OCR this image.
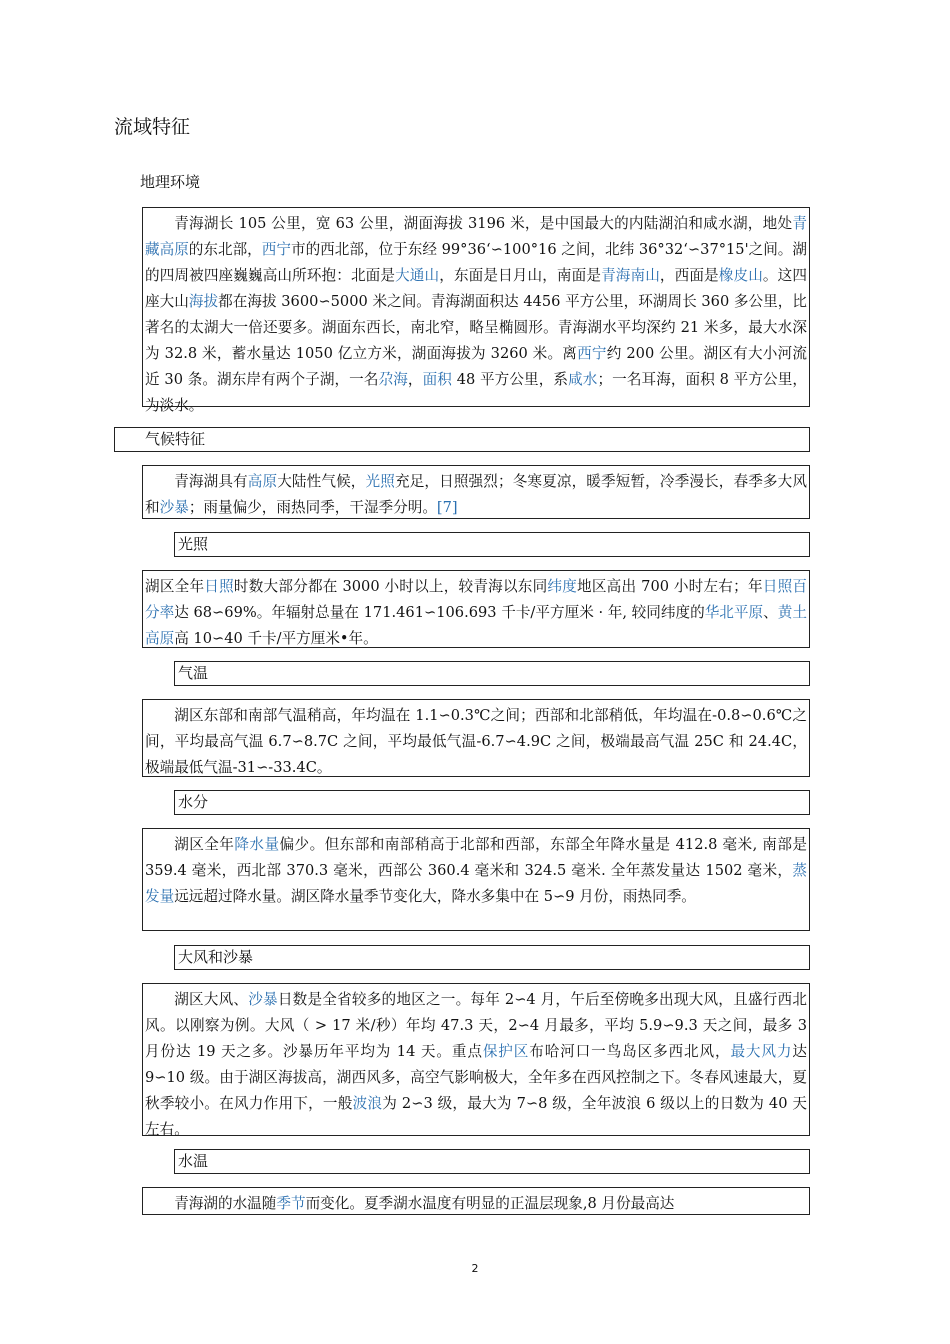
流域特征
地理环境

青海湖长 105 公里，宽 63 公里，湖面海拔 3196 米，是中国最大的内陆湖泊和咸水湖，地处青藏高原的东北部，西宁市的西北部，位于东经 99°36‘∽100°16 之间，北纬 36°32‘∽37°15'之间。湖的四周被四座巍巍高山所环抱：北面是大通山，东面是日月山，南面是青海南山，西面是橡皮山。这四座大山海拔都在海拔 3600∽5000 米之间。青海湖面积达 4456 平方公里，环湖周长 360 多公里，比著名的太湖大一倍还要多。湖面东西长，南北窄，略呈椭圆形。青海湖水平均深约 21 米多，最大水深为 32.8 米，蓄水量达 1050 亿立方米，湖面海拔为 3260 米。离西宁约 200 公里。湖区有大小河流近 30 条。湖东岸有两个子湖，一名尕海，面积 48 平方公里，系咸水；一名耳海，面积 8 平方公里，为淡水。

气候特征

青海湖具有高原大陆性气候，光照充足，日照强烈；冬寒夏凉，暖季短暂，冷季漫长，春季多大风和沙暴；雨量偏少，雨热同季，干湿季分明。[7]

光照

湖区全年日照时数大部分都在 3000 小时以上，较青海以东同纬度地区高出 700 小时左右；年日照百分率达 68∽69%。年辐射总量在 171.461∽106.693 千卡/平方厘米 · 年, 较同纬度的华北平原、黄土高原高 10∽40 千卡/平方厘米•年。

气温

湖区东部和南部气温稍高，年均温在 1.1∽0.3℃之间；西部和北部稍低，年均温在-0.8∽0.6℃之间，平均最高气温 6.7∽8.7C 之间，平均最低气温-6.7∽4.9C 之间，极端最高气温 25C 和 24.4C，极端最低气温-31∽-33.4C。

水分

湖区全年降水量偏少。但东部和南部稍高于北部和西部，东部全年降水量是 412.8 毫米, 南部是 359.4 毫米，西北部 370.3 毫米，西部公 360.4 毫米和 324.5 毫米. 全年蒸发量达 1502 毫米，蒸发量远远超过降水量。湖区降水量季节变化大，降水多集中在 5∽9 月份，雨热同季。

大风和沙暴

湖区大风、沙暴日数是全省较多的地区之一。每年 2∽4 月，午后至傍晚多出现大风，且盛行西北风。以刚察为例。大风（ > 17 米/秒）年均 47.3 天，2∽4 月最多，平均 5.9∽9.3 天之间，最多 3 月份达 19 天之多。沙暴历年平均为 14 天。重点保护区布哈河口一鸟岛区多西北风，最大风力达 9∽10 级。由于湖区海拔高，湖西风多，高空气影响极大，全年多在西风控制之下。冬春风速最大，夏秋季较小。在风力作用下，一般波浪为 2∽3 级，最大为 7∽8 级，全年波浪 6 级以上的日数为 40 天左右。

水温

青海湖的水温随季节而变化。夏季湖水温度有明显的正温层现象,8 月份最高达

2
